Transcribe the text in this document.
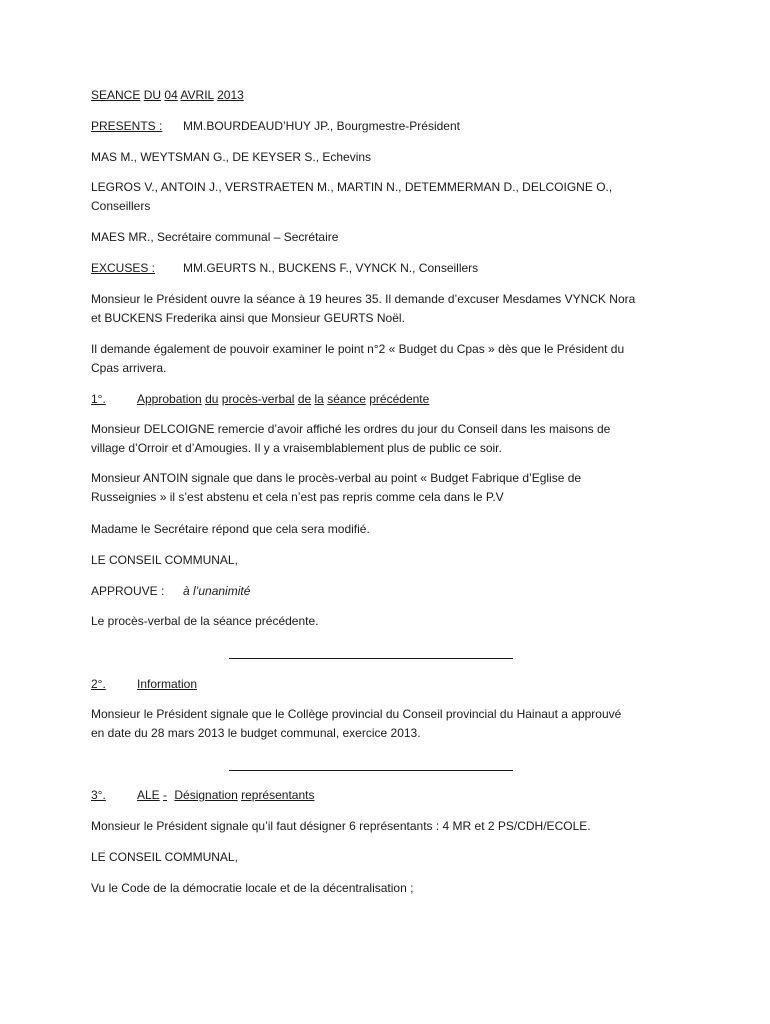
SEANCE DU 04 AVRIL 2013
PRESENTS : MM.BOURDEAUD’HUY JP., Bourgmestre-Président
MAS M., WEYTSMAN G., DE KEYSER S., Echevins
LEGROS V., ANTOIN J., VERSTRAETEN M., MARTIN N., DETEMMERMAN D., DELCOIGNE O.,
Conseillers
MAES MR., Secrétaire communal – Secrétaire
EXCUSES : MM.GEURTS N., BUCKENS F., VYNCK N., Conseillers
Monsieur le Président ouvre la séance à 19 heures 35. Il demande d’excuser Mesdames VYNCK Nora
et BUCKENS Frederika ainsi que Monsieur GEURTS Noël.
Il demande également de pouvoir examiner le point n°2 « Budget du Cpas » dès que le Président du
Cpas arrivera.
1°.	Approbation du procès-verbal de la séance précédente
Monsieur DELCOIGNE remercie d’avoir affiché les ordres du jour du Conseil dans les maisons de
village d’Orroir et d’Amougies. Il y a vraisemblablement plus de public ce soir.
Monsieur ANTOIN signale que dans le procès-verbal au point « Budget Fabrique d’Eglise de
Russeignies » il s’est abstenu et cela n’est pas repris comme cela dans le P.V
Madame le Secrétaire répond que cela sera modifié.
LE CONSEIL COMMUNAL,
APPROUVE : à l’unanimité
Le procès-verbal de la séance précédente.
2°.	Information
Monsieur le Président signale que le Collège provincial du Conseil provincial du Hainaut a approuvé
en date du 28 mars 2013 le budget communal, exercice 2013.
3°.	ALE - Désignation représentants
Monsieur le Président signale qu’il faut désigner 6 représentants : 4 MR et 2 PS/CDH/ECOLE.
LE CONSEIL COMMUNAL,
Vu le Code de la démocratie locale et de la décentralisation ;
